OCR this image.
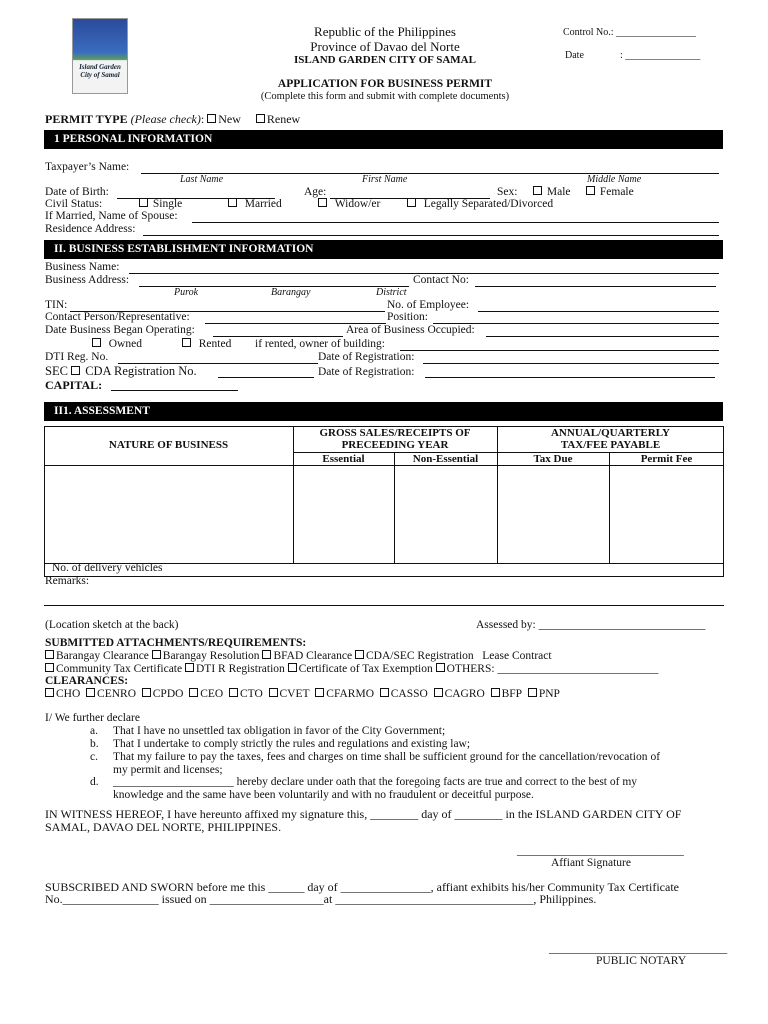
Island Garden City of Samal
Republic of the Philippines
Province of Davao del Norte
ISLAND GARDEN CITY OF SAMAL
Control No.: ________________
Date	: _______________
APPLICATION FOR BUSINESS PERMIT
(Complete this form and submit with complete documents)
PERMIT TYPE (Please check): New Renew
1 PERSONAL INFORMATION
Taxpayer’s Name:
Last Name	First Name	Middle Name
Date of Birth:	Age:	Sex:	Male	Female
Civil Status:	Single	Married	Widow/er	Legally Separated/Divorced
If Married, Name of Spouse:
Residence Address:
II. BUSINESS ESTABLISHMENT INFORMATION
Business Name:
Business Address:	Contact No:
Purok	Barangay	District
TIN:	No. of Employee:
Contact Person/Representative:	Position:
Date Business Began Operating:	Area of Business Occupied:
Owned	Rented if rented, owner of building:
DTI Reg. No.	Date of Registration:
SEC CDA Registration No.	Date of Registration:
CAPITAL:
II1. ASSESSMENT
NATURE OF BUSINESS
GROSS SALES/RECEIPTS OF
PRECEEDING YEAR
Essential	Non-Essential
ANNUAL/QUARTERLY
TAX/FEE PAYABLE
Tax Due	Permit Fee
No. of delivery vehicles
Remarks:
(Location sketch at the back)	Assessed by: _____________________________
SUBMITTED ATTACHMENTS/REQUIREMENTS:
Barangay Clearance Barangay Resolution BFAD Clearance CDA/SEC Registration Lease Contract
Community Tax Certificate DTI R Registration Certificate of Tax Exemption OTHERS: ____________________________
CLEARANCES:
CHO CENRO CPDO CEO CTO CVET CFARMO CASSO CAGRO BFP PNP
I/ We further declare
a. That I have no unsettled tax obligation in favor of the City Government;
b. That I undertake to comply strictly the rules and regulations and existing law;
c. That my failure to pay the taxes, fees and charges on time shall be sufficient ground for the cancellation/revocation of
my permit and licenses;
d. _____________________ hereby declare under oath that the foregoing facts are true and correct to the best of my
knowledge and the same have been voluntarily and with no fraudulent or deceitful purpose.
IN WITNESS HEREOF, I have hereunto affixed my signature this, ________ day of ________ in the ISLAND GARDEN CITY OF
SAMAL, DAVAO DEL NORTE, PHILIPPINES.
_____________________________
Affiant Signature
SUBSCRIBED AND SWORN before me this ______ day of _______________, affiant exhibits his/her Community Tax Certificate
No.________________ issued on ___________________at _________________________________, Philippines.
_______________________________
PUBLIC NOTARY
